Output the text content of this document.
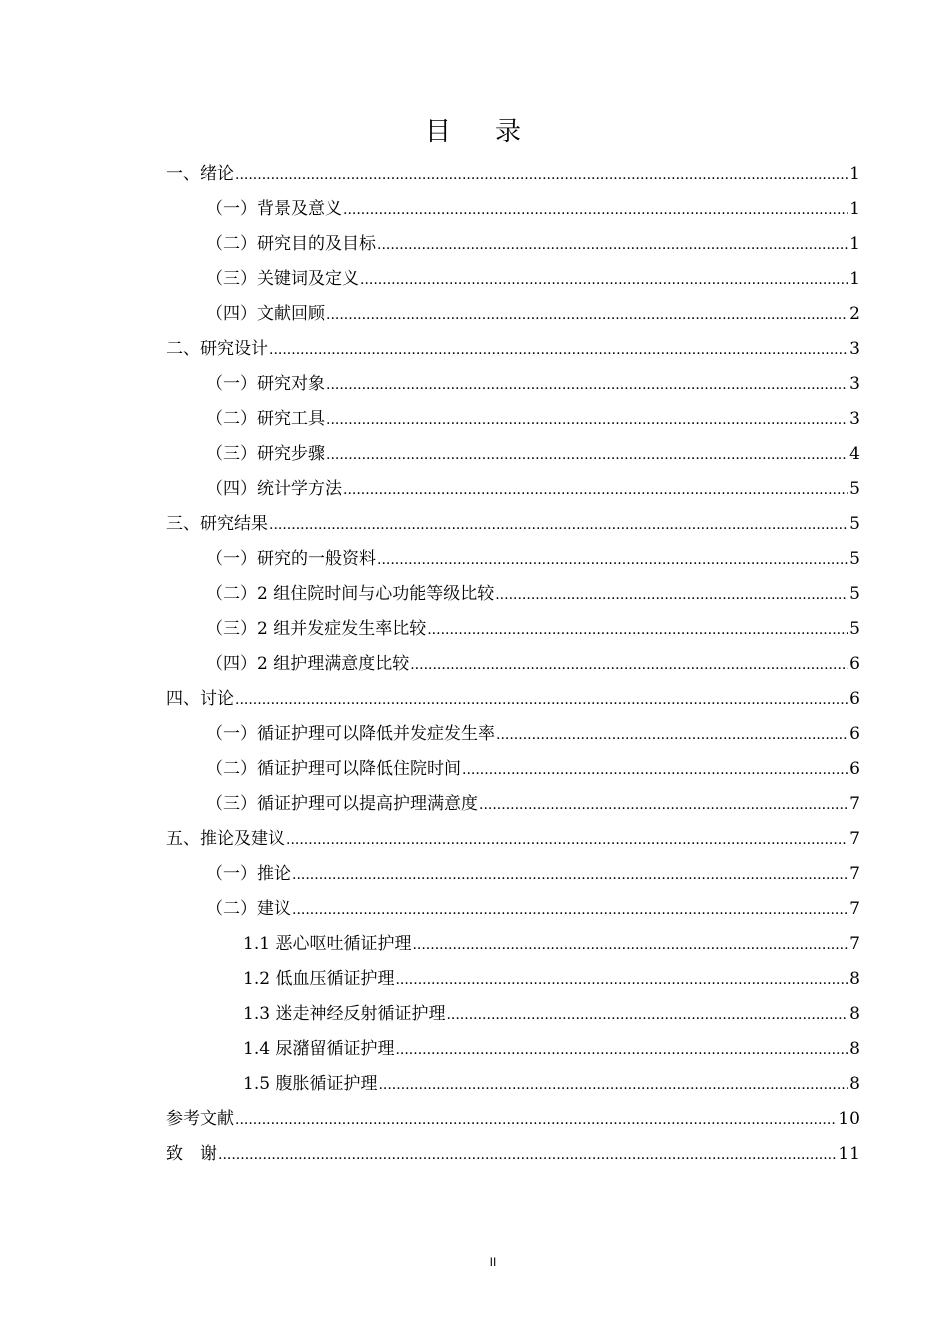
目录
一、绪论 .....	1
（一）背景及意义 .....	1
（二）研究目的及目标 .....	1
（三）关键词及定义 .....	1
（四）文献回顾 .....	2
二、研究设计 .....	3
（一）研究对象 .....	3
（二）研究工具 .....	3
（三）研究步骤 .....	4
（四）统计学方法 .....	5
三、研究结果 .....	5
（一）研究的一般资料 .....	5
（二）2 组住院时间与心功能等级比较 .....	5
（三）2 组并发症发生率比较 .....	5
（四）2 组护理满意度比较 .....	6
四、讨论 .....	6
（一）循证护理可以降低并发症发生率 .....	6
（二）循证护理可以降低住院时间 .....	6
（三）循证护理可以提高护理满意度 .....	7
五、推论及建议 .....	7
（一）推论 .....	7
（二）建议 .....	7
1.1 恶心呕吐循证护理 .....	7
1.2 低血压循证护理 .....	8
1.3 迷走神经反射循证护理 .....	8
1.4 尿潴留循证护理 .....	8
1.5 腹胀循证护理 .....	8
参考文献 .....	10
致　谢 .....	11
II
